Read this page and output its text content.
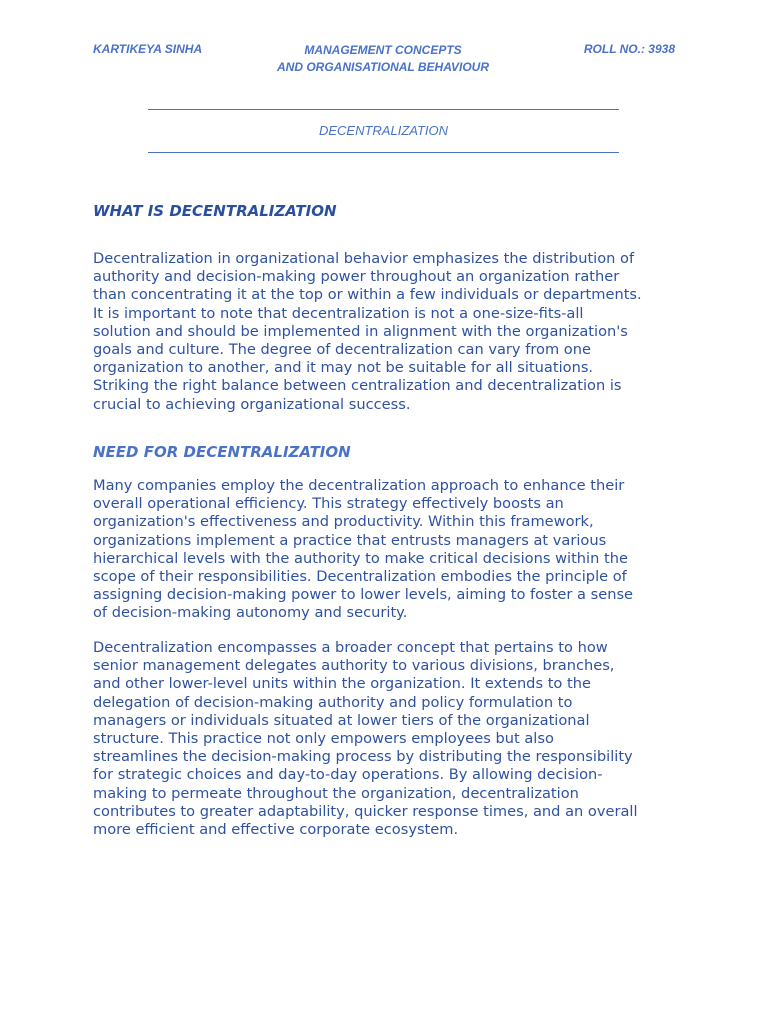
KARTIKEYA SINHA	MANAGEMENT CONCEPTS
AND ORGANISATIONAL BEHAVIOUR
ROLL NO.: 3938
DECENTRALIZATION
WHAT IS DECENTRALIZATION

Decentralization in organizational behavior emphasizes the distribution of
authority and decision-making power throughout an organization rather
than concentrating it at the top or within a few individuals or departments.
It is important to note that decentralization is not a one-size-fits-all
solution and should be implemented in alignment with the organization's
goals and culture. The degree of decentralization can vary from one
organization to another, and it may not be suitable for all situations.
Striking the right balance between centralization and decentralization is
crucial to achieving organizational success.

NEED FOR DECENTRALIZATION

Many companies employ the decentralization approach to enhance their
overall operational efficiency. This strategy effectively boosts an
organization's effectiveness and productivity. Within this framework,
organizations implement a practice that entrusts managers at various
hierarchical levels with the authority to make critical decisions within the
scope of their responsibilities. Decentralization embodies the principle of
assigning decision-making power to lower levels, aiming to foster a sense
of decision-making autonomy and security.

Decentralization encompasses a broader concept that pertains to how
senior management delegates authority to various divisions, branches,
and other lower-level units within the organization. It extends to the
delegation of decision-making authority and policy formulation to
managers or individuals situated at lower tiers of the organizational
structure. This practice not only empowers employees but also
streamlines the decision-making process by distributing the responsibility
for strategic choices and day-to-day operations. By allowing decision-
making to permeate throughout the organization, decentralization
contributes to greater adaptability, quicker response times, and an overall
more efficient and effective corporate ecosystem.
